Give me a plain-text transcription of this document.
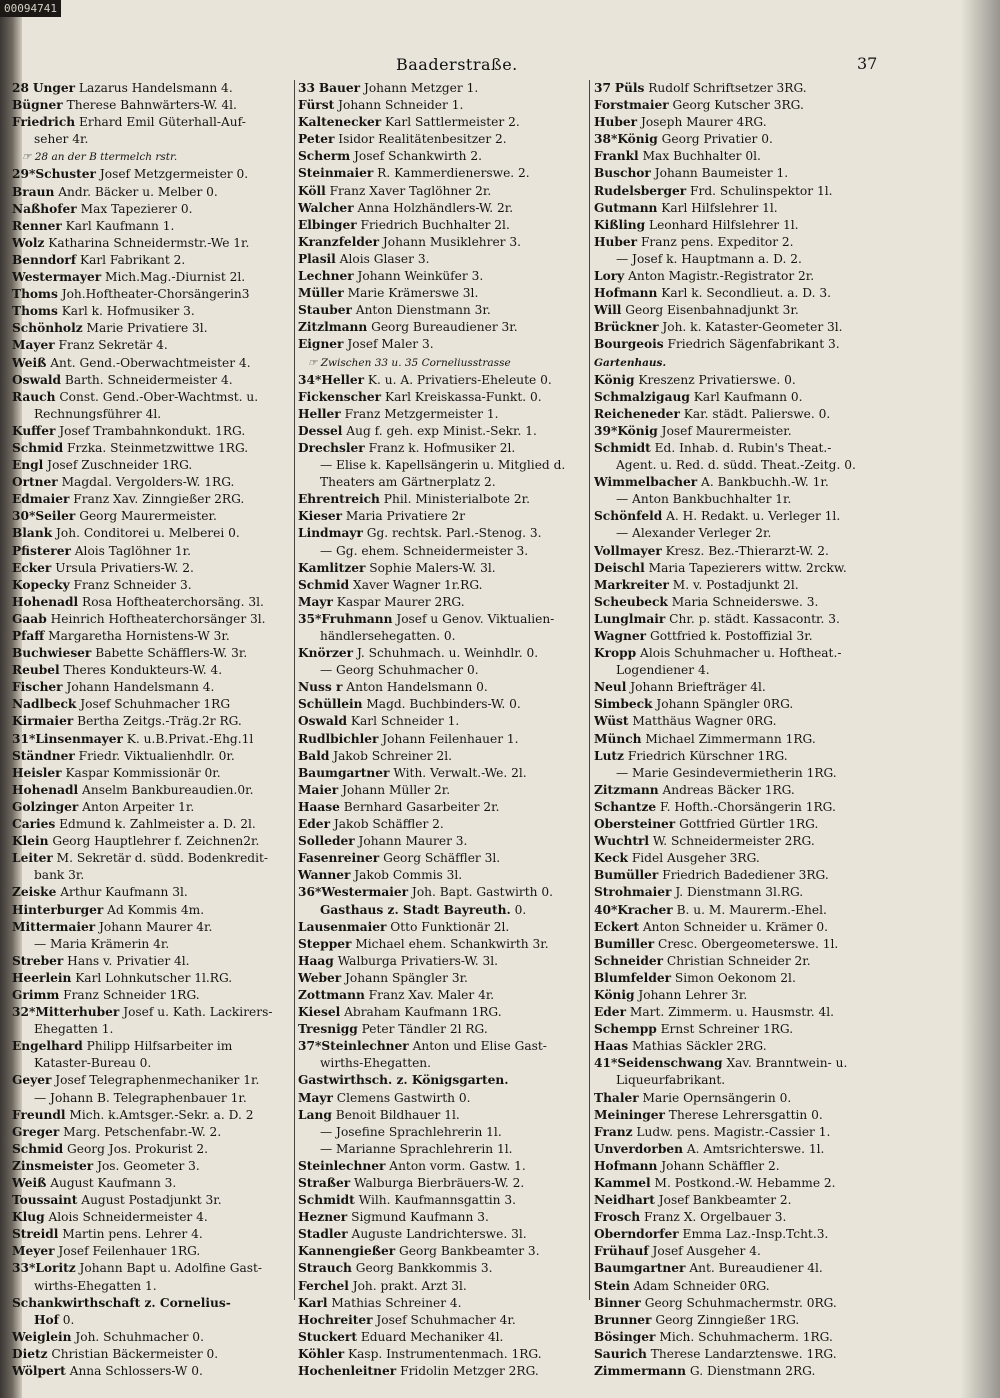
00094741
Baaderstraße.	37
28 Unger Lazarus Handelsmann 4.
Bügner Therese Bahnwärters-W. 4l.
Friedrich Erhard Emil Güterhall-Auf-
seher 4r.
☞ 28 an der B ttermelch rstr.
29*Schuster Josef Metzgermeister 0.
Braun Andr. Bäcker u. Melber 0.
Naßhofer Max Tapezierer 0.
Renner Karl Kaufmann 1.
Wolz Katharina Schneidermstr.-We 1r.
Benndorf Karl Fabrikant 2.
Westermayer Mich.Mag.-Diurnist 2l.
Thoms Joh.Hoftheater-Chorsängerin3
Thoms Karl k. Hofmusiker 3.
Schönholz Marie Privatiere 3l.
Mayer Franz Sekretär 4.
Weiß Ant. Gend.-Oberwachtmeister 4.
Oswald Barth. Schneidermeister 4.
Rauch Const. Gend.-Ober-Wachtmst. u.
Rechnungsführer 4l.
Kuffer Josef Trambahnkondukt. 1RG.
Schmid Frzka. Steinmetzwittwe 1RG.
Engl Josef Zuschneider 1RG.
Ortner Magdal. Vergolders-W. 1RG.
Edmaier Franz Xav. Zinngießer 2RG.
30*Seiler Georg Maurermeister.
Blank Joh. Conditorei u. Melberei 0.
Pfisterer Alois Taglöhner 1r.
Ecker Ursula Privatiers-W. 2.
Kopecky Franz Schneider 3.
Hohenadl Rosa Hoftheaterchorsäng. 3l.
Gaab Heinrich Hoftheaterchorsänger 3l.
Pfaff Margaretha Hornistens-W 3r.
Buchwieser Babette Schäfflers-W. 3r.
Reubel Theres Kondukteurs-W. 4.
Fischer Johann Handelsmann 4.
Nadlbeck Josef Schuhmacher 1RG
Kirmaier Bertha Zeitgs.-Träg.2r RG.
31*Linsenmayer K. u.B.Privat.-Ehg.1l
Ständner Friedr. Viktualienhdlr. 0r.
Heisler Kaspar Kommissionär 0r.
Hohenadl Anselm Bankbureaudien.0r.
Golzinger Anton Arpeiter 1r.
Caries Edmund k. Zahlmeister a. D. 2l.
Klein Georg Hauptlehrer f. Zeichnen2r.
Leiter M. Sekretär d. südd. Bodenkredit-
bank 3r.
Zeiske Arthur Kaufmann 3l.
Hinterburger Ad Kommis 4m.
Mittermaier Johann Maurer 4r.
— Maria Krämerin 4r.
Streber Hans v. Privatier 4l.
Heerlein Karl Lohnkutscher 1l.RG.
Grimm Franz Schneider 1RG.
32*Mitterhuber Josef u. Kath. Lackirers-
Ehegatten 1.
Engelhard Philipp Hilfsarbeiter im
Kataster-Bureau 0.
Geyer Josef Telegraphenmechaniker 1r.
— Johann B. Telegraphenbauer 1r.
Freundl Mich. k.Amtsger.-Sekr. a. D. 2
Greger Marg. Petschenfabr.-W. 2.
Schmid Georg Jos. Prokurist 2.
Zinsmeister Jos. Geometer 3.
Weiß August Kaufmann 3.
Toussaint August Postadjunkt 3r.
Klug Alois Schneidermeister 4.
Streidl Martin pens. Lehrer 4.
Meyer Josef Feilenhauer 1RG.
33*Loritz Johann Bapt u. Adolfine Gast-
wirths-Ehegatten 1.
Schankwirthschaft z. Cornelius-
Hof 0.
Weiglein Joh. Schuhmacher 0.
Dietz Christian Bäckermeister 0.
Wölpert Anna Schlossers-W 0.
33 Bauer Johann Metzger 1.
Fürst Johann Schneider 1.
Kaltenecker Karl Sattlermeister 2.
Peter Isidor Realitätenbesitzer 2.
Scherm Josef Schankwirth 2.
Steinmaier R. Kammerdienerswe. 2.
Köll Franz Xaver Taglöhner 2r.
Walcher Anna Holzhändlers-W. 2r.
Elbinger Friedrich Buchhalter 2l.
Kranzfelder Johann Musiklehrer 3.
Plasil Alois Glaser 3.
Lechner Johann Weinküfer 3.
Müller Marie Krämerswe 3l.
Stauber Anton Dienstmann 3r.
Zitzlmann Georg Bureaudiener 3r.
Eigner Josef Maler 3.
☞ Zwischen 33 u. 35 Corneliusstrasse
34*Heller K. u. A. Privatiers-Eheleute 0.
Fickenscher Karl Kreiskassa-Funkt. 0.
Heller Franz Metzgermeister 1.
Dessel Aug f. geh. exp Minist.-Sekr. 1.
Drechsler Franz k. Hofmusiker 2l.
— Elise k. Kapellsängerin u. Mitglied d.
Theaters am Gärtnerplatz 2.
Ehrentreich Phil. Ministerialbote 2r.
Kieser Maria Privatiere 2r
Lindmayr Gg. rechtsk. Parl.-Stenog. 3.
— Gg. ehem. Schneidermeister 3.
Kamlitzer Sophie Malers-W. 3l.
Schmid Xaver Wagner 1r.RG.
Mayr Kaspar Maurer 2RG.
35*Fruhmann Josef u Genov. Viktualien-
händlersehegatten. 0.
Knörzer J. Schuhmach. u. Weinhdlr. 0.
— Georg Schuhmacher 0.
Nuss r Anton Handelsmann 0.
Schüllein Magd. Buchbinders-W. 0.
Oswald Karl Schneider 1.
Rudlbichler Johann Feilenhauer 1.
Bald Jakob Schreiner 2l.
Baumgartner With. Verwalt.-We. 2l.
Maier Johann Müller 2r.
Haase Bernhard Gasarbeiter 2r.
Eder Jakob Schäffler 2.
Solleder Johann Maurer 3.
Fasenreiner Georg Schäffler 3l.
Wanner Jakob Commis 3l.
36*Westermaier Joh. Bapt. Gastwirth 0.
Gasthaus z. Stadt Bayreuth. 0.
Lausenmaier Otto Funktionär 2l.
Stepper Michael ehem. Schankwirth 3r.
Haag Walburga Privatiers-W. 3l.
Weber Johann Spängler 3r.
Zottmann Franz Xav. Maler 4r.
Kiesel Abraham Kaufmann 1RG.
Tresnigg Peter Tändler 2l RG.
37*Steinlechner Anton und Elise Gast-
wirths-Ehegatten.
Gastwirthsch. z. Königsgarten.
Mayr Clemens Gastwirth 0.
Lang Benoit Bildhauer 1l.
— Josefine Sprachlehrerin 1l.
— Marianne Sprachlehrerin 1l.
Steinlechner Anton vorm. Gastw. 1.
Straßer Walburga Bierbräuers-W. 2.
Schmidt Wilh. Kaufmannsgattin 3.
Hezner Sigmund Kaufmann 3.
Stadler Auguste Landrichterswe. 3l.
Kannengießer Georg Bankbeamter 3.
Strauch Georg Bankkommis 3.
Ferchel Joh. prakt. Arzt 3l.
Karl Mathias Schreiner 4.
Hochreiter Josef Schuhmacher 4r.
Stuckert Eduard Mechaniker 4l.
Köhler Kasp. Instrumentenmach. 1RG.
Hochenleitner Fridolin Metzger 2RG.
37 Püls Rudolf Schriftsetzer 3RG.
Forstmaier Georg Kutscher 3RG.
Huber Joseph Maurer 4RG.
38*König Georg Privatier 0.
Frankl Max Buchhalter 0l.
Buschor Johann Baumeister 1.
Rudelsberger Frd. Schulinspektor 1l.
Gutmann Karl Hilfslehrer 1l.
Kißling Leonhard Hilfslehrer 1l.
Huber Franz pens. Expeditor 2.
— Josef k. Hauptmann a. D. 2.
Lory Anton Magistr.-Registrator 2r.
Hofmann Karl k. Secondlieut. a. D. 3.
Will Georg Eisenbahnadjunkt 3r.
Brückner Joh. k. Kataster-Geometer 3l.
Bourgeois Friedrich Sägenfabrikant 3.
Gartenhaus.
König Kreszenz Privatierswe. 0.
Schmalzigaug Karl Kaufmann 0.
Reicheneder Kar. städt. Palierswe. 0.
39*König Josef Maurermeister.
Schmidt Ed. Inhab. d. Rubin's Theat.-
Agent. u. Red. d. südd. Theat.-Zeitg. 0.
Wimmelbacher A. Bankbuchh.-W. 1r.
— Anton Bankbuchhalter 1r.
Schönfeld A. H. Redakt. u. Verleger 1l.
— Alexander Verleger 2r.
Vollmayer Kresz. Bez.-Thierarzt-W. 2.
Deischl Maria Tapezierers wittw. 2rckw.
Markreiter M. v. Postadjunkt 2l.
Scheubeck Maria Schneiderswe. 3.
Lunglmair Chr. p. städt. Kassacontr. 3.
Wagner Gottfried k. Postoffizial 3r.
Kropp Alois Schuhmacher u. Hoftheat.-
Logendiener 4.
Neul Johann Briefträger 4l.
Simbeck Johann Spängler 0RG.
Wüst Matthäus Wagner 0RG.
Münch Michael Zimmermann 1RG.
Lutz Friedrich Kürschner 1RG.
— Marie Gesindevermietherin 1RG.
Zitzmann Andreas Bäcker 1RG.
Schantze F. Hofth.-Chorsängerin 1RG.
Obersteiner Gottfried Gürtler 1RG.
Wuchtrl W. Schneidermeister 2RG.
Keck Fidel Ausgeher 3RG.
Bumüller Friedrich Badediener 3RG.
Strohmaier J. Dienstmann 3l.RG.
40*Kracher B. u. M. Maurerm.-Ehel.
Eckert Anton Schneider u. Krämer 0.
Bumiller Cresc. Obergeometerswe. 1l.
Schneider Christian Schneider 2r.
Blumfelder Simon Oekonom 2l.
König Johann Lehrer 3r.
Eder Mart. Zimmerm. u. Hausmstr. 4l.
Schempp Ernst Schreiner 1RG.
Haas Mathias Säckler 2RG.
41*Seidenschwang Xav. Branntwein- u.
Liqueurfabrikant.
Thaler Marie Opernsängerin 0.
Meininger Therese Lehrersgattin 0.
Franz Ludw. pens. Magistr.-Cassier 1.
Unverdorben A. Amtsrichterswe. 1l.
Hofmann Johann Schäffler 2.
Kammel M. Postkond.-W. Hebamme 2.
Neidhart Josef Bankbeamter 2.
Frosch Franz X. Orgelbauer 3.
Oberndorfer Emma Laz.-Insp.Tcht.3.
Frühauf Josef Ausgeher 4.
Baumgartner Ant. Bureaudiener 4l.
Stein Adam Schneider 0RG.
Binner Georg Schuhmachermstr. 0RG.
Brunner Georg Zinngießer 1RG.
Bösinger Mich. Schuhmacherm. 1RG.
Saurich Therese Landarztenswe. 1RG.
Zimmermann G. Dienstmann 2RG.
